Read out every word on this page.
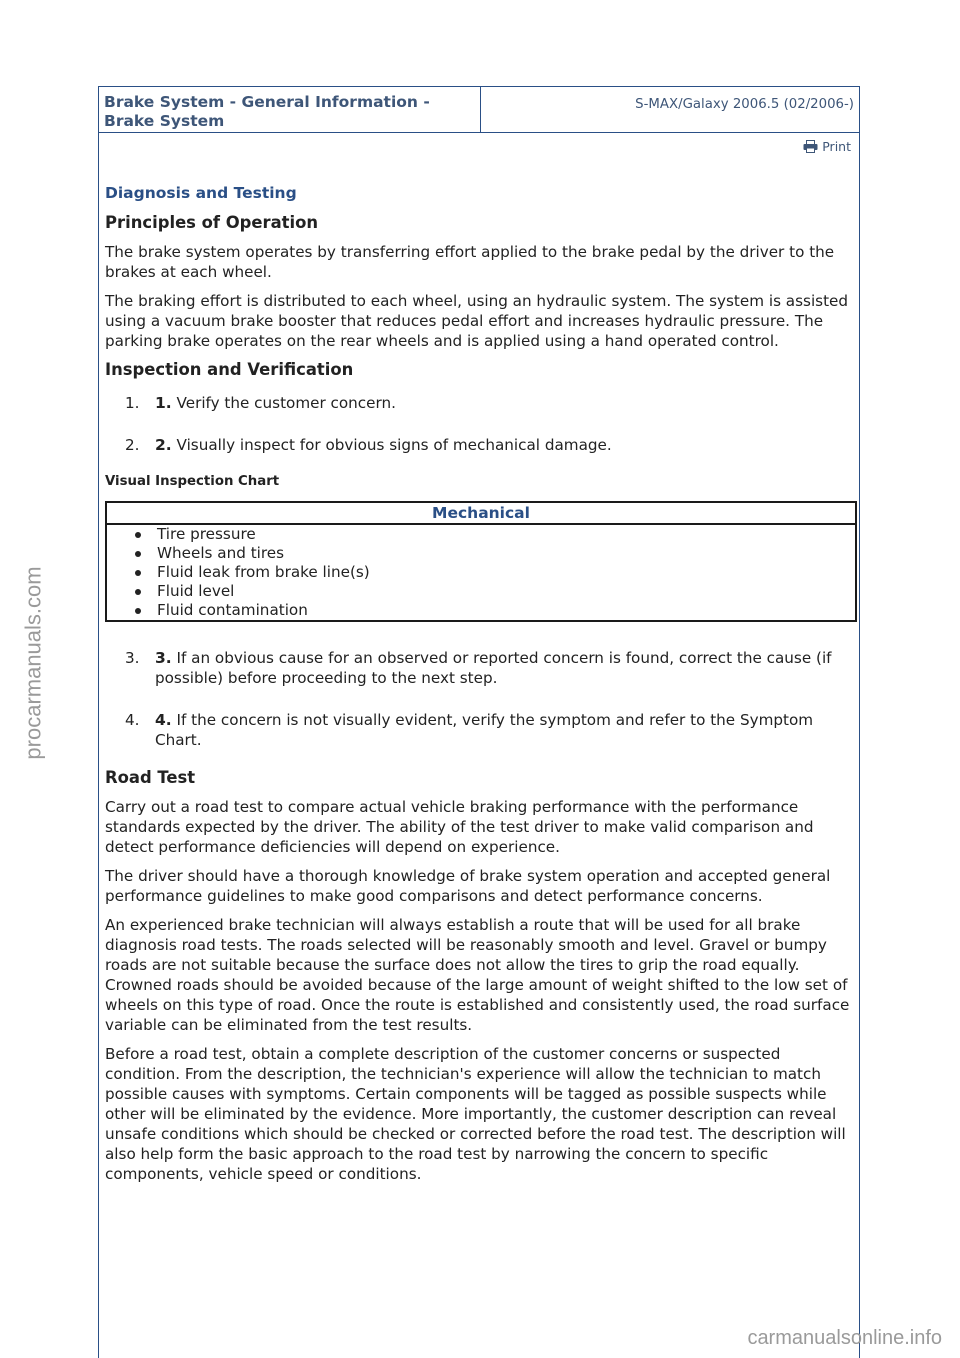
procarmanuals.com
Brake System - General Information -
Brake System
S-MAX/Galaxy 2006.5 (02/2006-)
Print
Diagnosis and Testing
Principles of Operation

The brake system operates by transferring effort applied to the brake pedal by the driver to the brakes at each wheel.

The braking effort is distributed to each wheel, using an hydraulic system. The system is assisted using a vacuum brake booster that reduces pedal effort and increases hydraulic pressure. The parking brake operates on the rear wheels and is applied using a hand operated control.

Inspection and Verification
1.	1. Verify the customer concern.
2.	2. Visually inspect for obvious signs of mechanical damage.
Visual Inspection Chart
Mechanical

Tire pressure
Wheels and tires
Fluid leak from brake line(s)
Fluid level
Fluid contamination
3.	3. If an obvious cause for an observed or reported concern is found, correct the cause (if possible) before proceeding to the next step.
4.	4. If the concern is not visually evident, verify the symptom and refer to the Symptom Chart.
Road Test

Carry out a road test to compare actual vehicle braking performance with the performance standards expected by the driver. The ability of the test driver to make valid comparison and detect performance deficiencies will depend on experience.

The driver should have a thorough knowledge of brake system operation and accepted general performance guidelines to make good comparisons and detect performance concerns.

An experienced brake technician will always establish a route that will be used for all brake diagnosis road tests. The roads selected will be reasonably smooth and level. Gravel or bumpy roads are not suitable because the surface does not allow the tires to grip the road equally. Crowned roads should be avoided because of the large amount of weight shifted to the low set of wheels on this type of road. Once the route is established and consistently used, the road surface variable can be eliminated from the test results.

Before a road test, obtain a complete description of the customer concerns or suspected condition. From the description, the technician's experience will allow the technician to match possible causes with symptoms. Certain components will be tagged as possible suspects while other will be eliminated by the evidence. More importantly, the customer description can reveal unsafe conditions which should be checked or corrected before the road test. The description will also help form the basic approach to the road test by narrowing the concern to specific components, vehicle speed or conditions.

carmanualsonline.info
